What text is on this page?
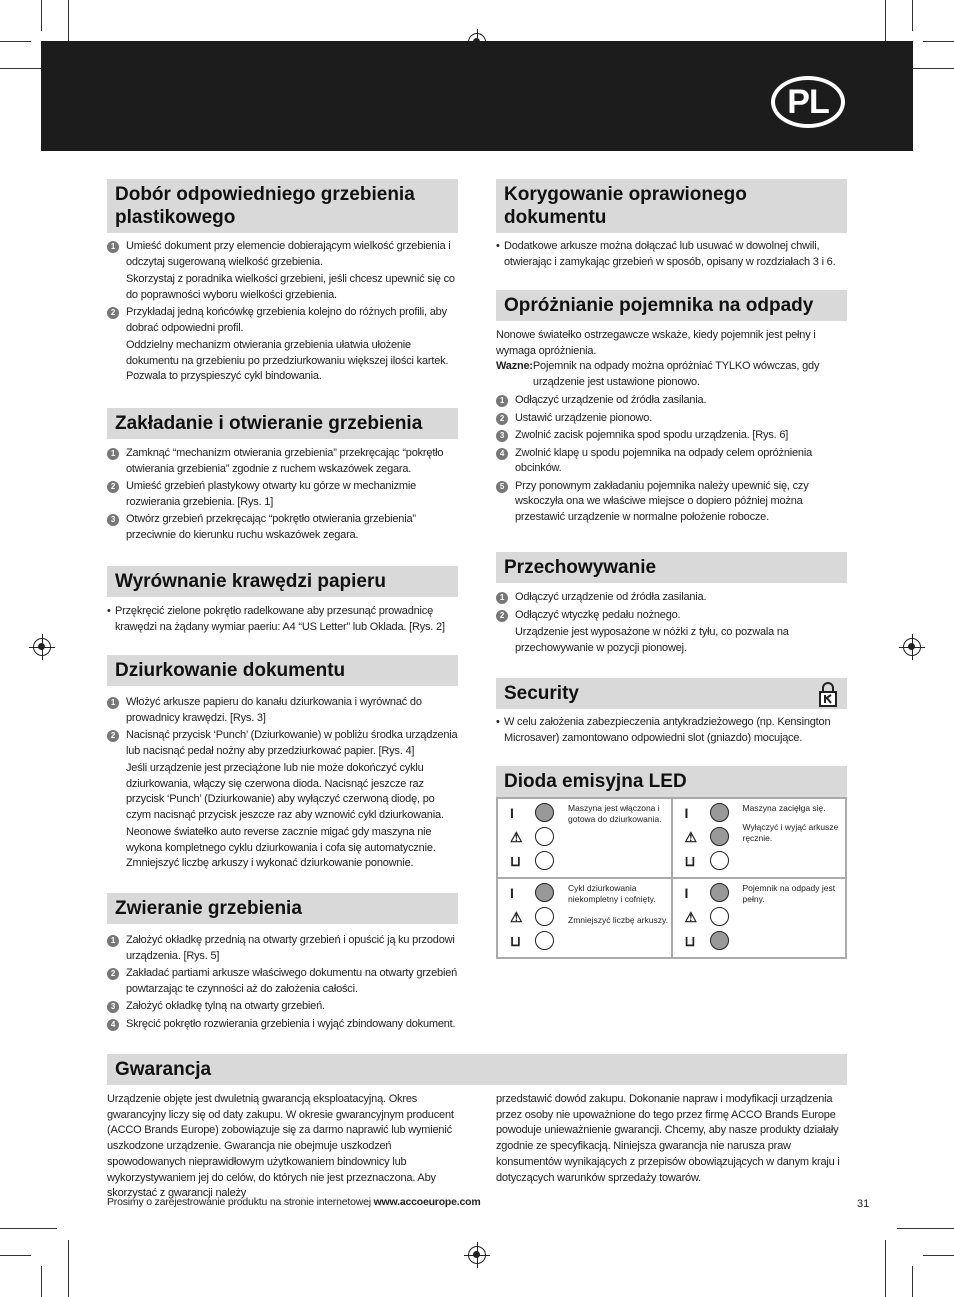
PL
Dobór odpowiedniego grzebienia plastikowego
1 Umieść dokument przy elemencie dobierającym wielkość grzebienia i odczytaj sugerowaną wielkość grzebienia.
Skorzystaj z poradnika wielkości grzebieni, jeśli chcesz upewnić się co do poprawności wyboru wielkości grzebienia.
2 Przykładaj jedną końcówkę grzebienia kolejno do różnych profili, aby dobrać odpowiedni profil.
Oddzielny mechanizm otwierania grzebienia ułatwia ułożenie dokumentu na grzebieniu po przedziurkowaniu większej ilości kartek. Pozwala to przyspieszyć cykl bindowania.
Zakładanie i otwieranie grzebienia
1 Zamknąć “mechanizm otwierania grzebienia” przekręcając “pokrętło otwierania grzebienia” zgodnie z ruchem wskazówek zegara.
2 Umieść grzebień plastykowy otwarty ku górze w mechanizmie rozwierania grzebienia. [Rys. 1]
3 Otwórz grzebień przekręcając “pokrętło otwierania grzebienia” przeciwnie do kierunku ruchu wskazówek zegara.
Wyrównanie krawędzi papieru
• Przękręcić zielone pokrętło radelkowane aby przesunąć prowadnicę krawędzi na żądany wymiar paeriu: A4 “US Letter” lub Okladа. [Rys. 2]
Dziurkowanie dokumentu
1 Włożyć arkusze papieru do kanału dziurkowania i wyrównać do prowadnicy krawędzi. [Rys. 3]
2 Nacisnąć przycisk ‘Punch’ (Dziurkowanie) w pobliżu środka urządzenia lub nacisnąć pedał nożny aby przedziurkować papier. [Rys. 4]
Jeśli urządzenie jest przeciążone lub nie może dokończyć cyklu dziurkowania, włączy się czerwona dioda. Nacisnąć jeszcze raz przycisk ‘Punch’ (Dziurkowanie) aby wyłączyć czerwoną diodę, po czym nacisnąć przycisk jeszcze raz aby wznowić cykl dziurkowania.
Neonowe światełko auto reverse zacznie migać gdy maszyna nie wykona kompletnego cyklu dziurkowania i cofa się automatycznie. Zmniejszyć liczbę arkuszy i wykonać dziurkowanie ponownie.
Zwieranie grzebienia
1 Założyć okładkę przednią na otwarty grzebień i opuścić ją ku przodowi urządzenia. [Rys. 5]
2 Zakładać partiami arkusze właściwego dokumentu na otwarty grzebień powtarzając te czynności aż do założenia całości.
3 Założyć okładkę tylną na otwarty grzebień.
4 Skręcić pokrętło rozwierania grzebienia i wyjąć zbindowany dokument.
Korygowanie oprawionego dokumentu
• Dodatkowe arkusze można dołączać lub usuwać w dowolnej chwili, otwierając i zamykając grzebień w sposób, opisany w rozdziałach 3 i 6.
Opróżnianie pojemnika na odpady
Nonowe światełko ostrzegawcze wskaże, kiedy pojemnik jest pełny i wymaga opróżnienia.
Wazne: Pojemnik na odpady można opróżniać TYLKO wówczas, gdy urządzenie jest ustawione pionowo.
1 Odłączyć urządzenie od źródła zasilania.
2 Ustawić urządzenie pionowo.
3 Zwolnić zacisk pojemnika spod spodu urządzenia. [Rys. 6]
4 Zwolnić klapę u spodu pojemnika na odpady celem opróżnienia obcinków.
5 Przy ponownym zakładaniu pojemnika należy upewnić się, czy wskoczyła ona we właściwe miejsce o dopiero później można przestawić urządzenie w normalne położenie robocze.
Przechowywanie
1 Odłączyć urządzenie od źródła zasilania.
2 Odłączyć wtyczkę pedału nożnego.
Urządzenie jest wyposażone w nóżki z tyłu, co pozwala na przechowywanie w pozycji pionowej.
Security
• W celu założenia zabezpieczenia antykradzieżowego (np. Kensington Microsaver) zamontowano odpowiedni slot (gniazdo) mocujące.
Dioda emisyjna LED
I
⚠
⊔
Maszyna jest włączona i gotowa do dziurkowania.	I
⚠
⊔
Maszyna zacięłga się.
Wyłączyć i wyjąć arkusze ręcznie.
I
⚠
⊔
Cykl dziurkowania niekompletny i cofnięty.
Zmniejszyć liczbę arkuszy.
I
⚠
⊔
Pojemnik na odpady jest pełny.
Gwarancja
Urządzenie objęte jest dwuletnią gwarancją eksploatacyjną. Okres gwarancyjny liczy się od daty zakupu. W okresie gwarancyjnym producent (ACCO Brands Europe) zobowiązuje się za darmo naprawić lub wymienić uszkodzone urządzenie. Gwarancja nie obejmuje uszkodzeń spowodowanych nieprawidłowym użytkowaniem bindownicy lub wykorzystywaniem jej do celów, do których nie jest przeznaczona. Aby skorzystać z gwarancji należy
przedstawić dowód zakupu. Dokonanie napraw i modyfikacji urządzenia przez osoby nie upoważnione do tego przez firmę ACCO Brands Europe powoduje unieważnienie gwarancji. Chcemy, aby nasze produkty działały zgodnie ze specyfikacją. Niniejsza gwarancja nie narusza praw konsumentów wynikających z przepisów obowiązujących w danym kraju i dotyczących warunków sprzedaży towarów.
Prosimy o zarejestrowanie produktu na stronie internetowej www.accoeurope.com	31
